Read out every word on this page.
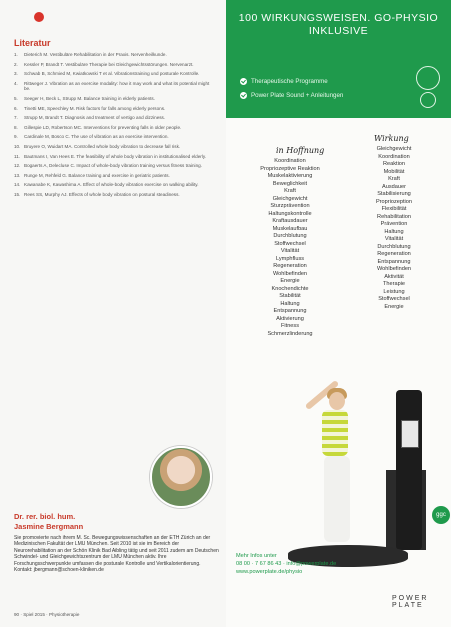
Literatur
1.	Dieterich M. Vestibuläre Rehabilitation in der Praxis. Nervenheilkunde.
2.	Kessler P, Brandt T. Vestibuläre Therapie bei Gleichgewichtsstörungen. Nervenarzt.
3.	Schwab B, Schmied M, Kwiatkowski T et al. Vibrationstraining und posturale Kontrolle.
4.	Rittweger J. Vibration as an exercise modality: how it may work and what its potential might be.
5.	Seeger H, Beck L, Strupp M. Balance training in elderly patients.
6.	Tinetti ME, Speechley M. Risk factors for falls among elderly persons.
7.	Strupp M, Brandt T. Diagnosis and treatment of vertigo and dizziness.
8.	Gillespie LD, Robertson MC. Interventions for preventing falls in older people.
9.	Cardinale M, Bosco C. The use of vibration as an exercise intervention.
10. Bruyere O, Wuidart MA. Controlled whole body vibration to decrease fall risk.
11. Bautmans I, Van Hees E. The feasibility of whole body vibration in institutionalised elderly.
12. Bogaerts A, Delecluse C. Impact of whole-body vibration training versus fitness training.
13. Runge M, Rehfeld G. Balance training and exercise in geriatric patients.
14. Kawanabe K, Kawashima A. Effect of whole-body vibration exercise on walking ability.
15. Rees SS, Murphy AJ. Effects of whole body vibration on postural steadiness.
Dr. rer. biol. hum.
Jasmine Bergmann
Sie promovierte nach ihrem M. Sc. Bewegungswissenschaften an der ETH Zürich an der Medizinischen Fakultät der LMU München. Seit 2010 ist sie im Bereich der Neurorehabilitation an der Schön Klinik Bad Aibling tätig und seit 2011 zudem am Deutschen Schwindel- und Gleichgewichtszentrum der LMU München aktiv. Ihre Forschungsschwerpunkte umfassen die posturale Kontrolle und Vertikalorientierung. Kontakt: jbergmann@schoen-kliniken.de
90 · Spiel 2015 · Physiotherapie
100 WIRKUNGSWEISEN. GO-PHYSIO INKLUSIVE
Therapeutische Programme
Power Plate Sound + Anleitungen
Wirkung
in Hoffnung
Koordination
Propriozeptive Reaktion
Muskelaktivierung
Beweglichkeit
Kraft
Gleichgewicht
Sturzprävention
Haltungskontrolle
Kraftausdauer
Muskelaufbau
Durchblutung
Stoffwechsel
Vitalität
Lymphfluss
Regeneration
Wohlbefinden
Energie
Knochendichte
Stabilität
Haltung
Entspannung
Aktivierung
Fitness
Schmerzlinderung
Gleichgewicht
Koordination
Reaktion
Mobilität
Kraft
Ausdauer
Stabilisierung
Propriozeption
Flexibilität
Rehabilitation
Prävention
Haltung
Vitalität
Durchblutung
Regeneration
Entspannung
Wohlbefinden
Aktivität
Therapie
Leistung
Stoffwechsel
Energie
ggc
Mehr Infos unter
08 00 · 7 67 86 43 · info@powerplate.de
www.powerplate.de/physio
POWER PLATE
